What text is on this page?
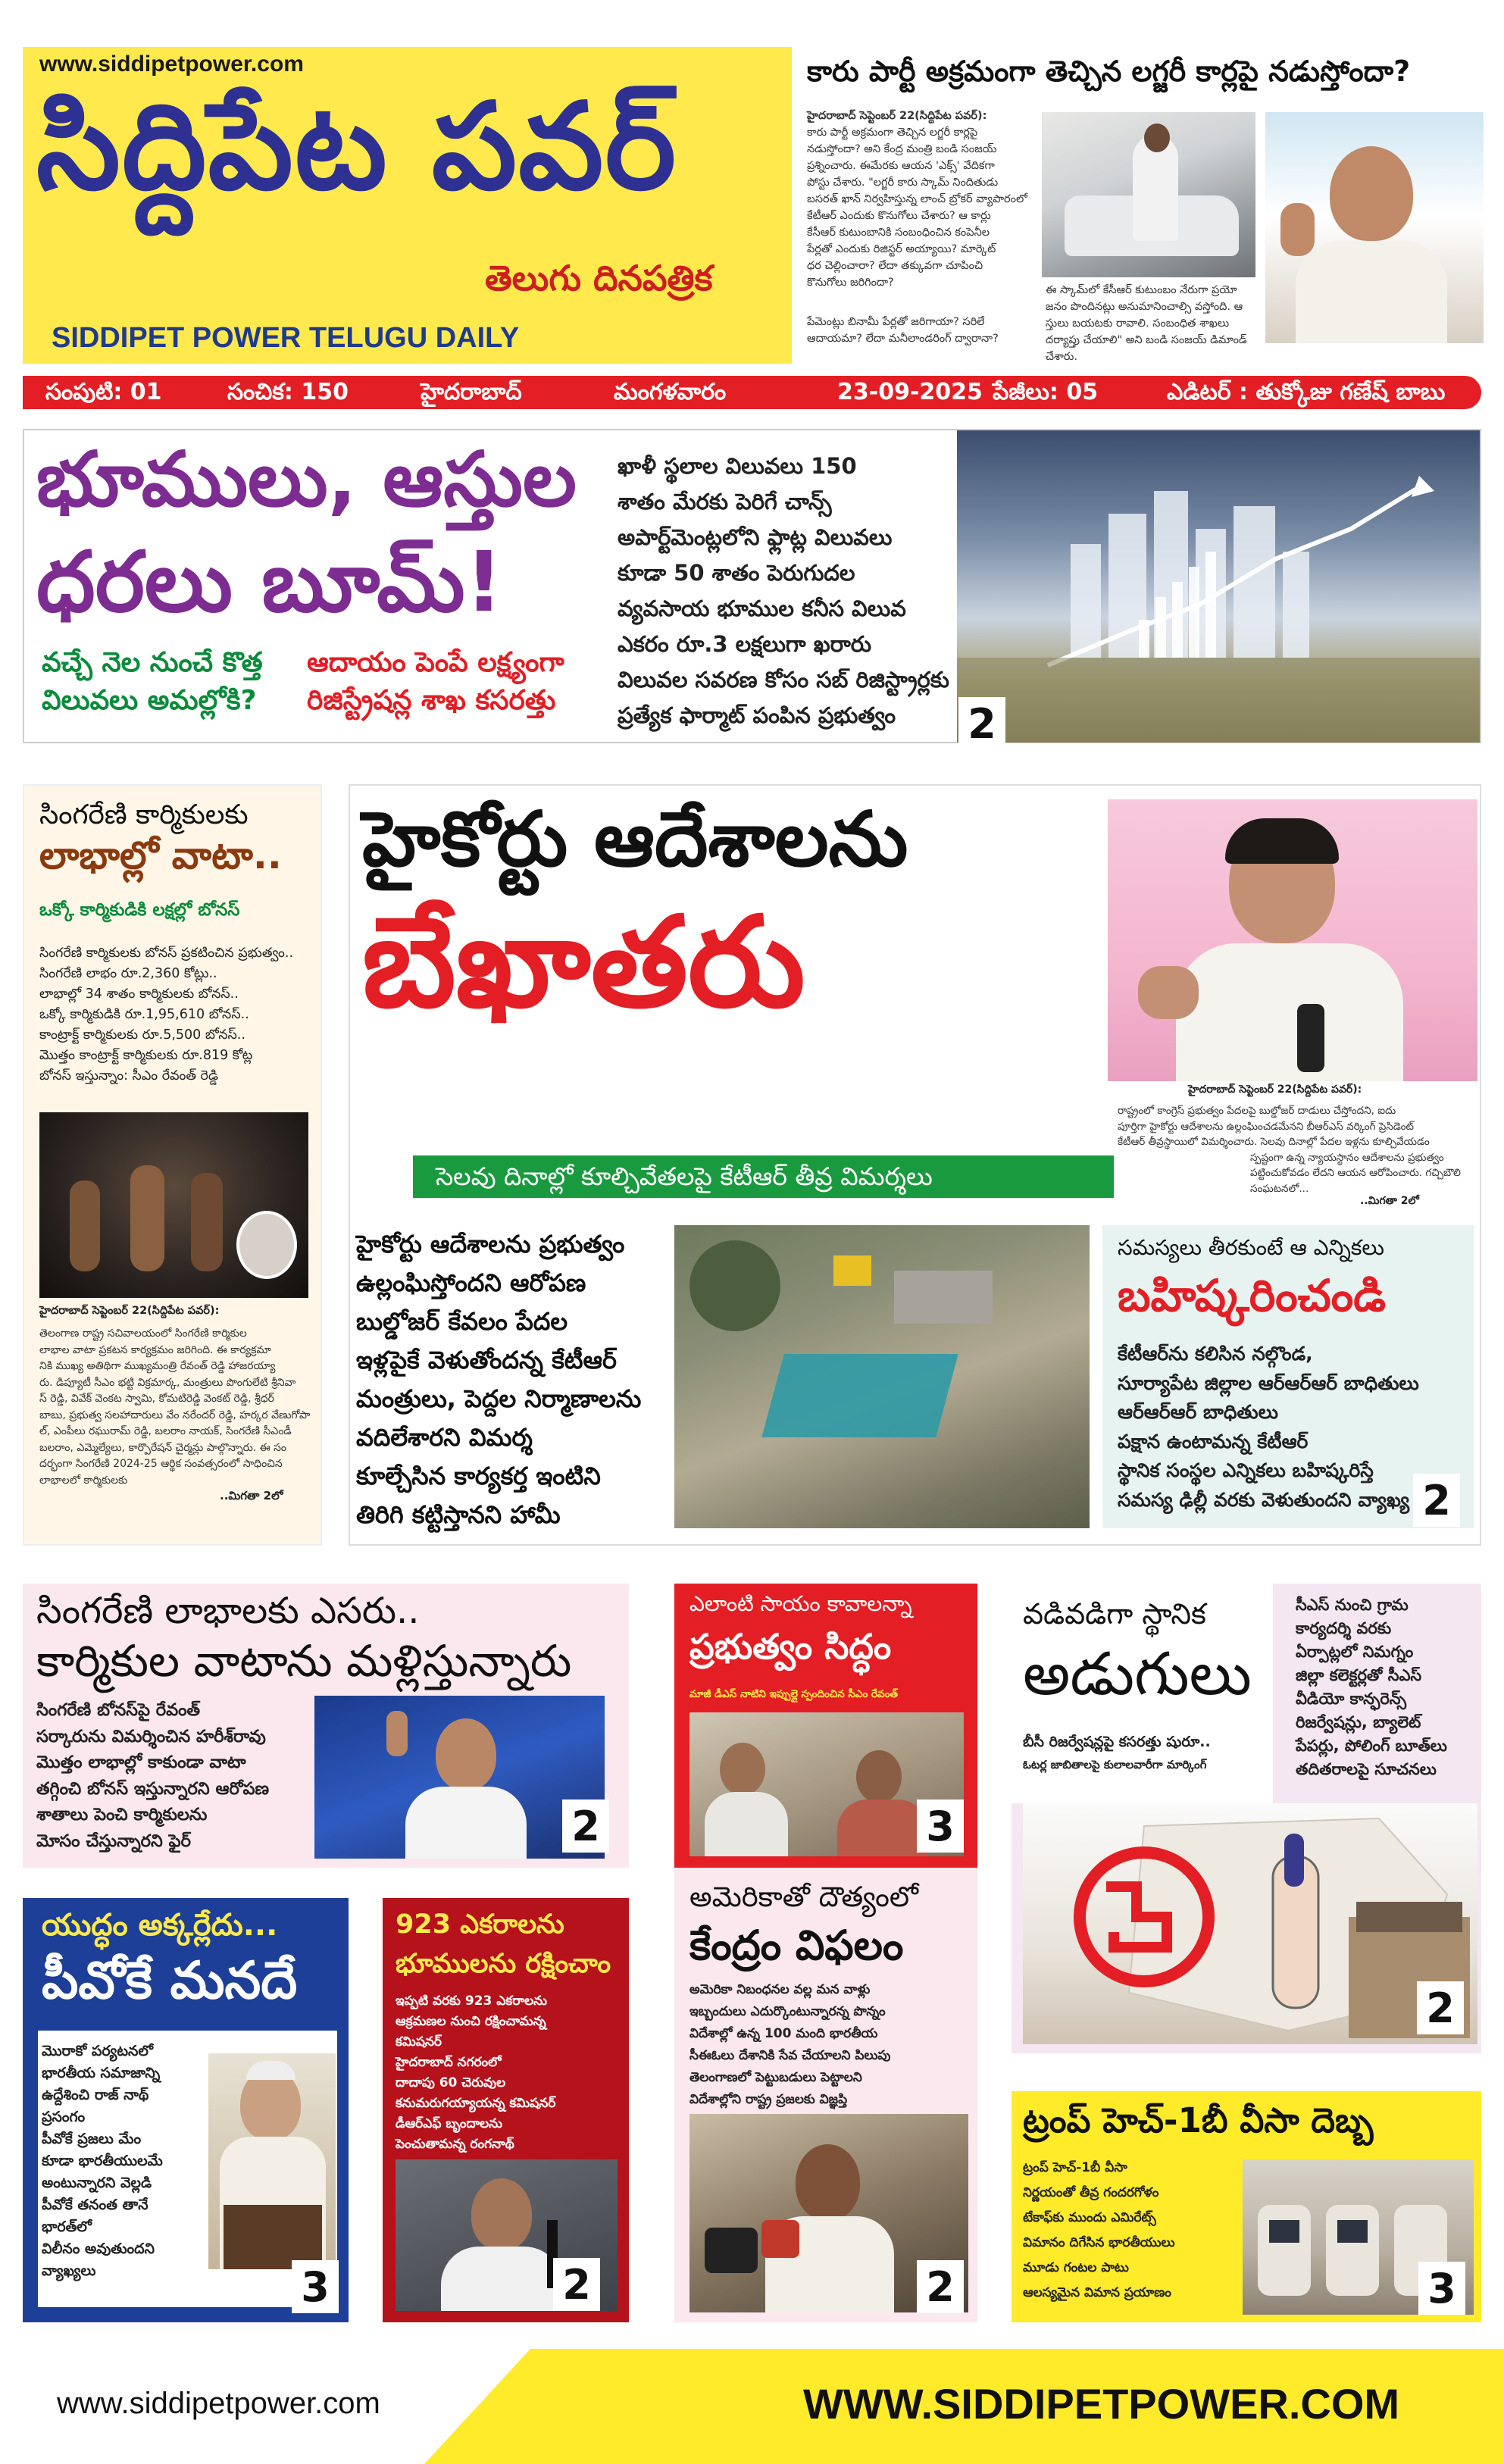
www.siddipetpower.com
సిద్దిపేట పవర్
తెలుగు దినపత్రిక
SIDDIPET POWER TELUGU DAILY
కారు పార్టీ అక్రమంగా తెచ్చిన లగ్జరీ కార్లపై నడుస్తోందా?
హైదరాబాద్ సెప్టెంబర్ 22(సిద్దిపేట పవర్):
కారు పార్టీ అక్రమంగా తెచ్చిన లగ్జరీ కార్లపై
నడుస్తోందా? అని కేంద్ర మంత్రి బండి సంజయ్
ప్రశ్నించారు. ఈమేరకు ఆయన 'ఎక్స్' వేదికగా
పోస్టు చేశారు. "లగ్జరీ కారు స్కామ్ నిందితుడు
బసరత్ ఖాన్ నిర్వహిస్తున్న లాంచ్ బ్రోకర్ వ్యాపారంలో
కేటీఆర్ ఎందుకు కొనుగోలు చేశారు? ఆ కార్లు
కేసీఆర్ కుటుంబానికి సంబంధించిన కంపెనీల
పేర్లతో ఎందుకు రిజిస్టర్ అయ్యాయి? మార్కెట్
ధర చెల్లించారా? లేదా తక్కువగా చూపించి
కొనుగోలు జరిగిందా?
పేమెంట్లు బినామీ పేర్లతో జరిగాయా? సరిలే
ఆదాయమా? లేదా మనీలాండరింగ్ ద్వారానా?
ఈ స్కామ్‌లో కేసీఆర్ కుటుంబం నేరుగా ప్రయో
జనం పొందినట్లు అనుమానించాల్సి వస్తోంది. ఆ
స్తులు బయటకు రావాలి. సంబంధిత శాఖలు
దర్యాప్తు చేయాలి" అని బండి సంజయ్ డిమాండ్
చేశారు.
సంపుటి: 01	సంచిక: 150	హైదరాబాద్	మంగళవారం	23-09-2025 పేజీలు: 05	ఎడిటర్ : తుక్కోజు గణేష్ బాబు
భూములు, ఆస్తుల
ధరలు బూమ్!
వచ్చే నెల నుంచే కొత్త
విలువలు అమల్లోకి?
ఆదాయం పెంపే లక్ష్యంగా
రిజిస్ట్రేషన్ల శాఖ కసరత్తు
ఖాళీ స్థలాల విలువలు 150
శాతం మేరకు పెరిగే చాన్స్
అపార్ట్‌మెంట్లలోని ఫ్లాట్ల విలువలు
కూడా 50 శాతం పెరుగుదల
వ్యవసాయ భూముల కనీస విలువ
ఎకరం రూ.3 లక్షలుగా ఖరారు
విలువల సవరణ కోసం సబ్ రిజిస్ట్రార్లకు
ప్రత్యేక ఫార్మాట్ పంపిన ప్రభుత్వం	2
సింగరేణి కార్మికులకు
లాభాల్లో వాటా..
ఒక్కో కార్మికుడికి లక్షల్లో బోనస్
సింగరేణి కార్మికులకు బోనస్ ప్రకటించిన ప్రభుత్వం..
సింగరేణి లాభం రూ.2,360 కోట్లు..
లాభాల్లో 34 శాతం కార్మికులకు బోనస్..
ఒక్కో కార్మికుడికి రూ.1,95,610 బోనస్..
కాంట్రాక్ట్ కార్మికులకు రూ.5,500 బోనస్..
మొత్తం కాంట్రాక్ట్ కార్మికులకు రూ.819 కోట్ల
బోనస్ ఇస్తున్నాం: సీఎం రేవంత్ రెడ్డి
హైదరాబాద్ సెప్టెంబర్ 22(సిద్దిపేట పవర్):
తెలంగాణ రాష్ట్ర సచివాలయంలో సింగరేణి కార్మికుల
లాభాల వాటా ప్రకటన కార్యక్రమం జరిగింది. ఈ కార్యక్రమా
నికి ముఖ్య అతిథిగా ముఖ్యమంత్రి రేవంత్ రెడ్డి హాజరయ్యా
రు. డిప్యూటీ సీఎం భట్టి విక్రమార్క, మంత్రులు పొంగులేటి శ్రీనివా
స్ రెడ్డి, వివేక్ వెంకట స్వామి, కోమటిరెడ్డి వెంకట్ రెడ్డి, శ్రీధర్
బాబు, ప్రభుత్వ సలహాదారులు వేం నరేందర్ రెడ్డి, హర్కర వేణుగోపా
ల్, ఎంపీలు రఘురామ్ రెడ్డి, బలరాం నాయక్, సింగరేణి సీఎండీ
బలరాం, ఎమ్మెల్యేలు, కార్పొరేషన్ చైర్మన్లు పాల్గొన్నారు. ఈ సం
దర్భంగా సింగరేణి 2024-25 ఆర్థిక సంవత్సరంలో సాధించిన
లాభాలలో కార్మికులకు
..మిగతా 2లో
హైకోర్టు ఆదేశాలను
బేఖాతరు
సెలవు దినాల్లో కూల్చివేతలపై కేటీఆర్ తీవ్ర విమర్శలు
హైదరాబాద్ సెప్టెంబర్ 22(సిద్దిపేట పవర్):
రాష్ట్రంలో కాంగ్రెస్ ప్రభుత్వం పేదలపై బుల్డోజర్ దాడులు చేస్తోందని, ఐదు
పూర్తిగా హైకోర్టు ఆదేశాలను ఉల్లంఘించడమేనని బీఆర్ఎస్ వర్కింగ్ ప్రెసిడెంట్
కేటీఆర్ తీవ్రస్థాయిలో విమర్శించారు. సెలవు దినాల్లో పేదల ఇళ్లను కూల్చివేయడం
స్పష్టంగా ఉన్న న్యాయస్థానం ఆదేశాలను ప్రభుత్వం
పట్టించుకోవడం లేదని ఆయన ఆరోపించారు. గచ్చిబౌలి
సంఘటనలో...
..మిగతా 2లో
హైకోర్టు ఆదేశాలను ప్రభుత్వం
ఉల్లంఘిస్తోందని ఆరోపణ
బుల్డోజర్ కేవలం పేదల
ఇళ్లపైకే వెళుతోందన్న కేటీఆర్
మంత్రులు, పెద్దల నిర్మాణాలను
వదిలేశారని విమర్శ
కూల్చేసిన కార్యకర్త ఇంటిని
తిరిగి కట్టిస్తానని హామీ
సమస్యలు తీరకుంటే ఆ ఎన్నికలు
బహిష్కరించండి
కేటీఆర్‌ను కలిసిన నల్గొండ,
సూర్యాపేట జిల్లాల ఆర్ఆర్ఆర్ బాధితులు
ఆర్ఆర్ఆర్ బాధితులు
పక్షాన ఉంటామన్న కేటీఆర్
స్థానిక సంస్థల ఎన్నికలు బహిష్కరిస్తే
సమస్య ఢిల్లీ వరకు వెళుతుందని వ్యాఖ్య 2
సింగరేణి లాభాలకు ఎసరు..
కార్మికుల వాటాను మళ్లిస్తున్నారు
సింగరేణి బోనస్‌పై రేవంత్
సర్కారును విమర్శించిన హరీశ్‌రావు
మొత్తం లాభాల్లో కాకుండా వాటా
తగ్గించి బోనస్ ఇస్తున్నారని ఆరోపణ
శాతాలు పెంచి కార్మికులను
మోసం చేస్తున్నారని ఫైర్	2
ఎలాంటి సాయం కావాలన్నా
ప్రభుత్వం సిద్ధం
మాజీ డీఎస్ నాటిని ఇప్పుల్లై స్పందించిన సీఎం రేవంత్
3
వడివడిగా స్థానిక
అడుగులు
బీసీ రిజర్వేషన్లపై కసరత్తు షురూ..
ఓటర్ల జాబితాలపై కులాలవారీగా మార్కింగ్
సీఎస్ నుంచి గ్రామ
కార్యదర్శి వరకు
ఏర్పాట్లలో నిమగ్నం
జిల్లా కలెక్టర్లతో సీఎస్
వీడియో కాన్ఫరెన్స్
రిజర్వేషన్లు, బ్యాలెట్
పేపర్లు, పోలింగ్ బూత్‌లు
తదితరాలపై సూచనలు
2
యుద్ధం అక్కర్లేదు...
పీవోకే మనదే
మొరాకో పర్యటనలో
భారతీయ సమాజాన్ని
ఉద్దేశించి రాజ్ నాథ్
ప్రసంగం
పీవోకే ప్రజలు మేం
కూడా భారతీయులమే
అంటున్నారని వెల్లడి
పీవోకే తనంత తానే
భారత్‌లో
విలీనం అవుతుందని
వ్యాఖ్యలు	3
923 ఎకరాలను
భూములను రక్షించాం
ఇప్పటి వరకు 923 ఎకరాలను
ఆక్రమణల నుంచి రక్షించామన్న
కమిషనర్
హైదరాబాద్ నగరంలో
దాదాపు 60 చెరువుల
కనుమరుగయ్యాయన్న కమిషనర్
డీఆర్ఎఫ్ బృందాలను
పెంచుతామన్న రంగనాథ్
2
అమెరికాతో దౌత్యంలో
కేంద్రం విఫలం
అమెరికా నిబంధనల వల్ల మన వాళ్లు
ఇబ్బందులు ఎదుర్కొంటున్నారన్న పొన్నం
విదేశాల్లో ఉన్న 100 మంది భారతీయ
సీఈఓలు దేశానికి సేవ చేయాలని పిలుపు
తెలంగాణలో పెట్టుబడులు పెట్టాలని
విదేశాల్లోని రాష్ట్ర ప్రజలకు విజ్ఞప్తి
2
ట్రంప్ హెచ్-1బీ వీసా దెబ్బ
ట్రంప్ హెచ్-1బీ వీసా
నిర్ణయంతో తీవ్ర గందరగోళం
టేకాఫ్‌కు ముందు ఎమిరేట్స్
విమానం దిగేసిన భారతీయులు
మూడు గంటల పాటు
ఆలస్యమైన విమాన ప్రయాణం	3
www.siddipetpower.com	WWW.SIDDIPETPOWER.COM
